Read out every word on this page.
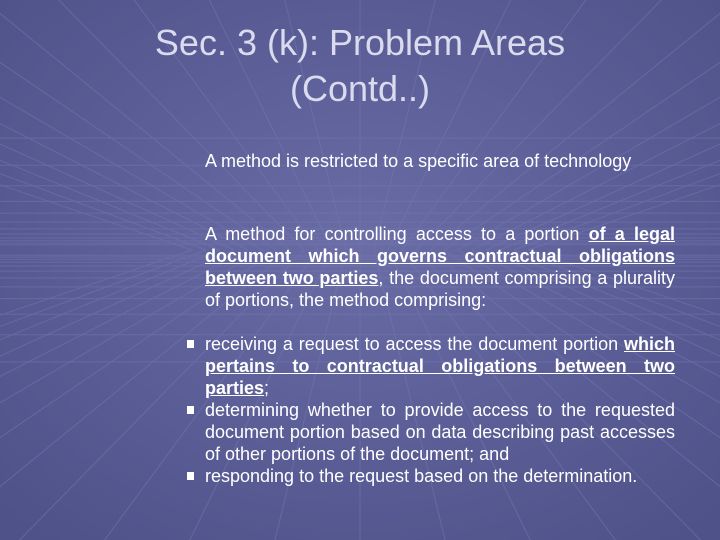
Sec. 3 (k): Problem Areas
(Contd..)
A method is restricted to a specific area of technology
A method for controlling access to a portion of a legal document which governs contractual obligations between two parties, the document comprising a plurality of portions, the method comprising:
receiving a request to access the document portion which pertains to contractual obligations between two parties;
determining whether to provide access to the requested document portion based on data describing past accesses of other portions of the document; and
responding to the request based on the determination.
